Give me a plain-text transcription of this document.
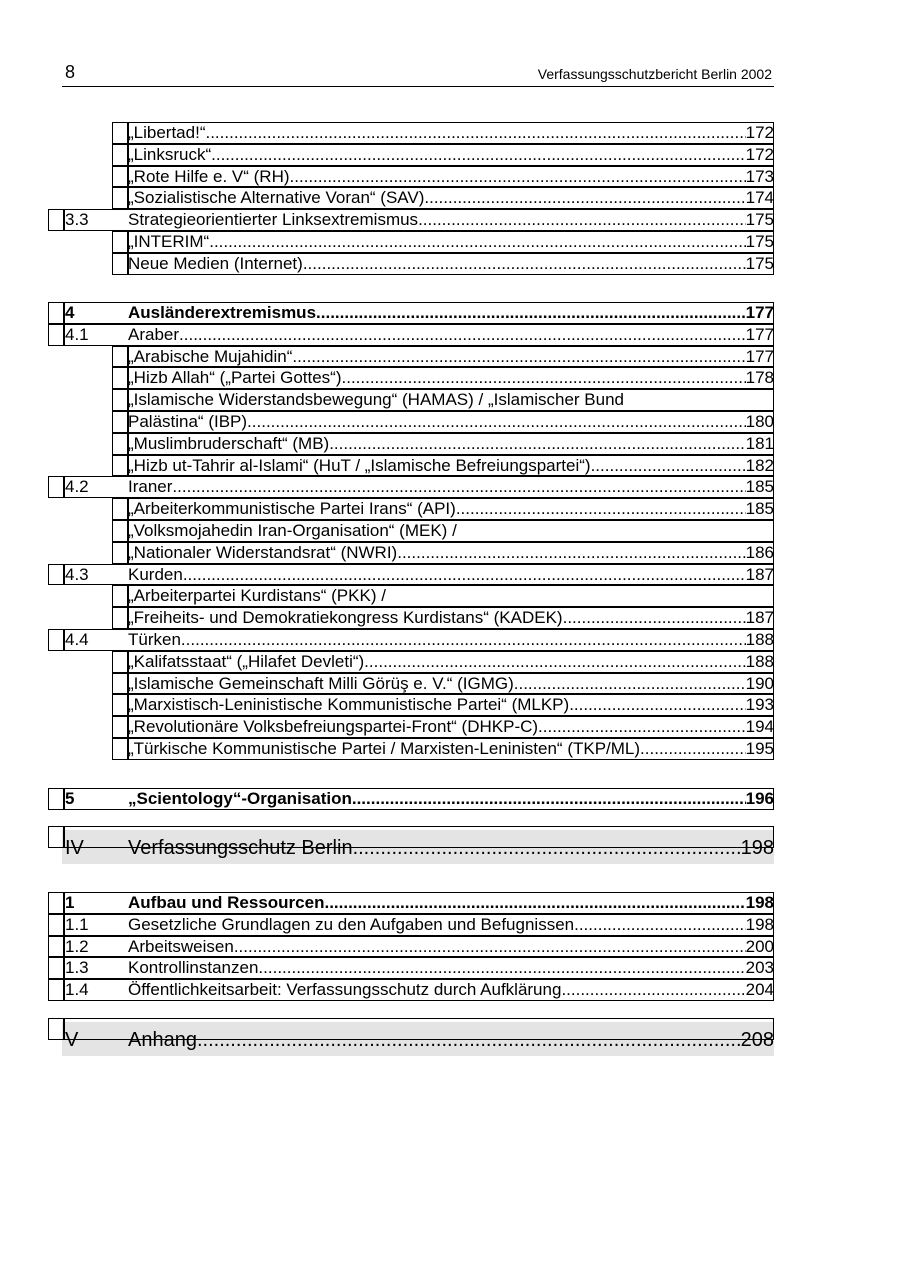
8	Verfassungsschutzbericht Berlin 2002
„Libertad!“ .....	172
„Linksruck“ .....	172
„Rote Hilfe e. V“ (RH) .....	173
„Sozialistische Alternative Voran“ (SAV) .....	174
3.3 Strategieorientierter Linksextremismus .....	175
„INTERIM“ .....	175
Neue Medien (Internet) .....	175
4	Ausländerextremismus .....	177
4.1 Araber .....	177
„Arabische Mujahidin“ .....	177
„Hizb Allah“ („Partei Gottes“) .....	178
„Islamische Widerstandsbewegung“ (HAMAS) / „Islamischer Bund
Palästina“ (IBP) .....	180
„Muslimbruderschaft“ (MB) .....	181
„Hizb ut-Tahrir al-Islami“ (HuT / „Islamische Befreiungspartei“) .....	182
4.2 Iraner .....	185
„Arbeiterkommunistische Partei Irans“ (API) .....	185
„Volksmojahedin Iran-Organisation“ (MEK) /
„Nationaler Widerstandsrat“ (NWRI) .....	186
4.3 Kurden .....	187
„Arbeiterpartei Kurdistans“ (PKK) /
„Freiheits- und Demokratiekongress Kurdistans“ (KADEK) .....	187
4.4 Türken .....	188
„Kalifatsstaat“ („Hilafet Devleti“) .....	188
„Islamische Gemeinschaft Milli Görüş e. V.“ (IGMG) .....	190
„Marxistisch-Leninistische Kommunistische Partei“ (MLKP) .....	193
„Revolutionäre Volksbefreiungspartei-Front“ (DHKP-C) .....	194
„Türkische Kommunistische Partei / Marxisten-Leninisten“ (TKP/ML) .....	195
5	„Scientology“-Organisation .....	196
IV Verfassungsschutz Berlin .....	198
1	Aufbau und Ressourcen .....	198
1.1 Gesetzliche Grundlagen zu den Aufgaben und Befugnissen .....	198
1.2 Arbeitsweisen .....	200
1.3 Kontrollinstanzen .....	203
1.4 Öffentlichkeitsarbeit: Verfassungsschutz durch Aufklärung .....	204
V Anhang .....	208
